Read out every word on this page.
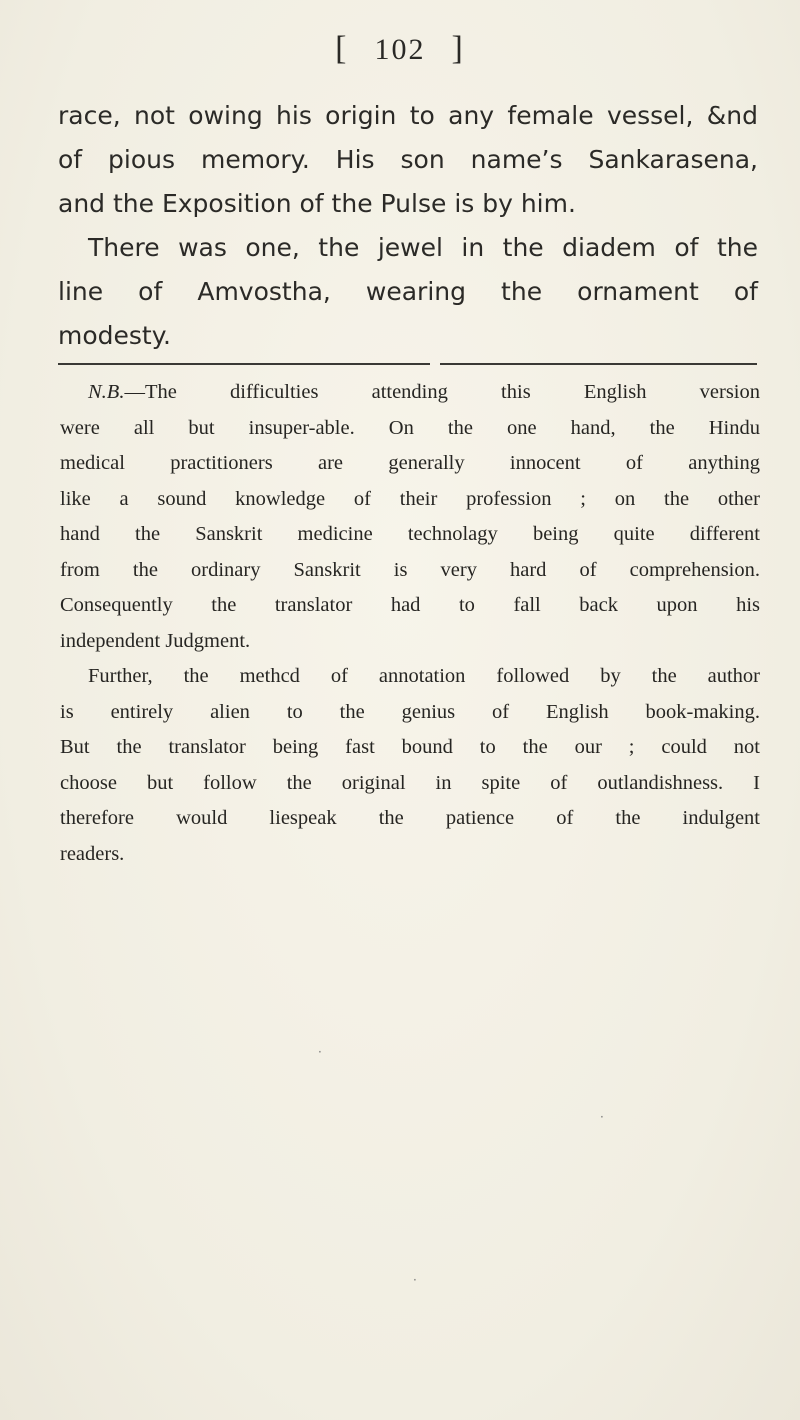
[ 102 ]

race, not owing his origin to any female vessel, &nd
of pious memory. His son name’s Sankarasena,
and the Exposition of the Pulse is by him.

There was one, the jewel in the diadem of the
line of Amvostha, wearing the ornament of
modesty.

N.B.—The difficulties attending this English version
were all but insuper-able. On the one hand, the Hindu
medical practitioners are generally innocent of anything
like a sound knowledge of their profession ; on the other
hand the Sanskrit medicine technolagy being quite different
from the ordinary Sanskrit is very hard of comprehension.
Consequently the translator had to fall back upon his
independent Judgment.

Further, the methcd of annotation followed by the author
is entirely alien to the genius of English book-making.
But the translator being fast bound to the our ; could not
choose but follow the original in spite of outlandishness. I
therefore would liespeak the patience of the indulgent
readers.

·
·
·
